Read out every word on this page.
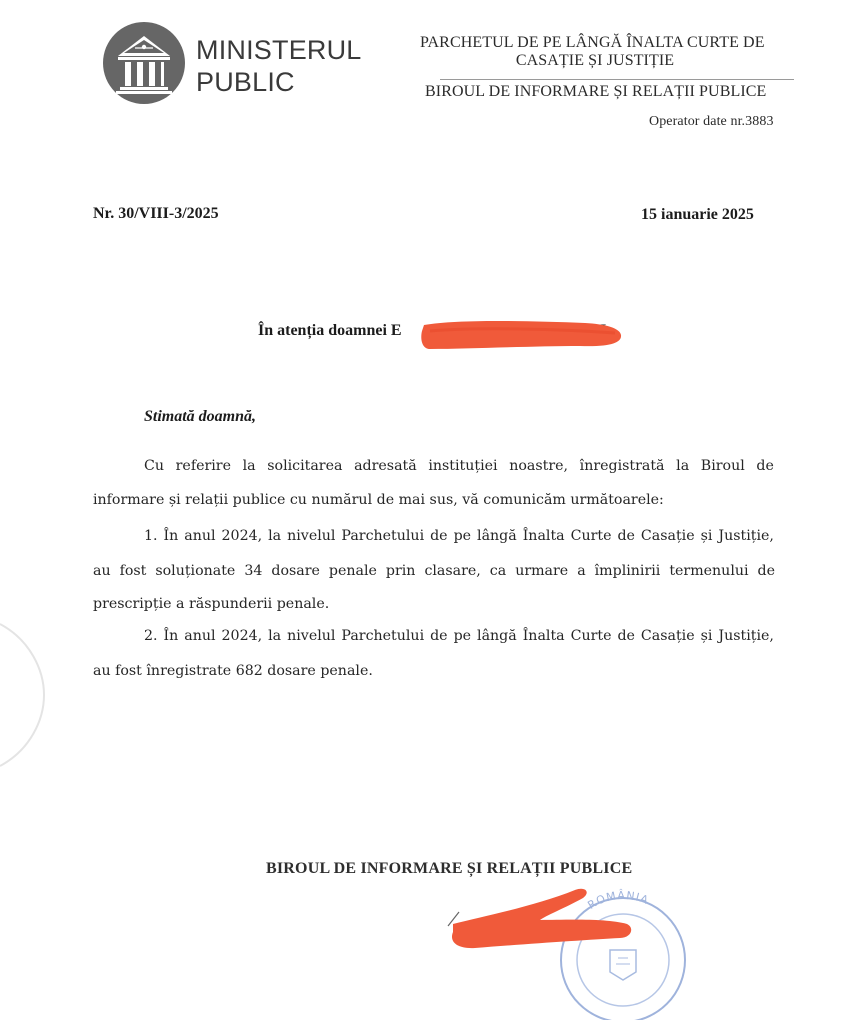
MINISTERUL
PUBLIC
PARCHETUL DE PE LÂNGĂ ÎNALTA CURTE DE
CASAȚIE ȘI JUSTIȚIE
BIROUL DE INFORMARE ȘI RELAȚII PUBLICE
Operator date nr.3883
Nr. 30/VIII-3/2025	15 ianuarie 2025
În atenția doamnei E
Stimată doamnă,
Cu referire la solicitarea adresată instituției noastre, înregistrată la Biroul de
informare și relații publice cu numărul de mai sus, vă comunicăm următoarele:
1. În anul 2024, la nivelul Parchetului de pe lângă Înalta Curte de Casație și Justiție,
au fost soluționate 34 dosare penale prin clasare, ca urmare a împlinirii termenului de
prescripție a răspunderii penale.
2. În anul 2024, la nivelul Parchetului de pe lângă Înalta Curte de Casație și Justiție,
au fost înregistrate 682 dosare penale.
BIROUL DE INFORMARE ȘI RELAȚII PUBLICE
ROMÂNIA
